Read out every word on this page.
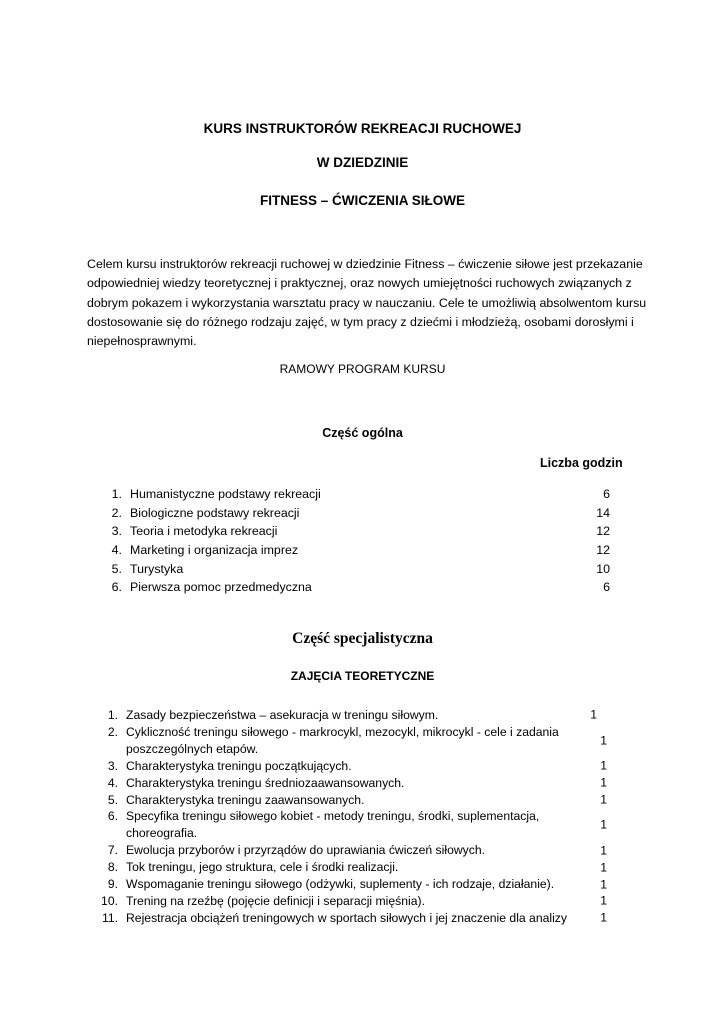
KURS INSTRUKTORÓW REKREACJI RUCHOWEJ
W DZIEDZINIE
FITNESS – ĆWICZENIA SIŁOWE

Celem kursu instruktorów rekreacji ruchowej w dziedzinie Fitness – ćwiczenie siłowe jest przekazanie odpowiedniej wiedzy teoretycznej i praktycznej, oraz nowych umiejętności ruchowych związanych z dobrym pokazem i wykorzystania warsztatu pracy w nauczaniu. Cele te umożliwią absolwentom kursu dostosowanie się do różnego rodzaju zajęć, w tym pracy z dziećmi i młodzieżą, osobami dorosłymi i niepełnosprawnymi.

RAMOWY PROGRAM KURSU
Część ogólna
Liczba godzin
1. Humanistyczne podstawy rekreacji	6
2. Biologiczne podstawy rekreacji	14
3. Teoria i metodyka rekreacji	12
4. Marketing i organizacja imprez	12
5. Turystyka	10
6. Pierwsza pomoc przedmedyczna	6
Część specjalistyczna
ZAJĘCIA TEORETYCZNE
1. Zasady bezpieczeństwa – asekuracja w treningu siłowym.	1
2. Cykliczność treningu siłowego - markrocykl, mezocykl, mikrocykl - cele i zadania poszczególnych etapów.
1
3. Charakterystyka treningu początkujących.	1
4. Charakterystyka treningu średniozaawansowanych.	1
5. Charakterystyka treningu zaawansowanych.	1
6. Specyfika treningu siłowego kobiet - metody treningu, środki, suplementacja, choreografia.
1
7. Ewolucja przyborów i przyrządów do uprawiania ćwiczeń siłowych.	1
8. Tok treningu, jego struktura, cele i środki realizacji.	1
9. Wspomaganie treningu siłowego (odżywki, suplementy - ich rodzaje, działanie).	1
10. Trening na rzeźbę (pojęcie definicji i separacji mięśnia).	1
11. Rejestracja obciążeń treningowych w sportach siłowych i jej znaczenie dla analizy	1
